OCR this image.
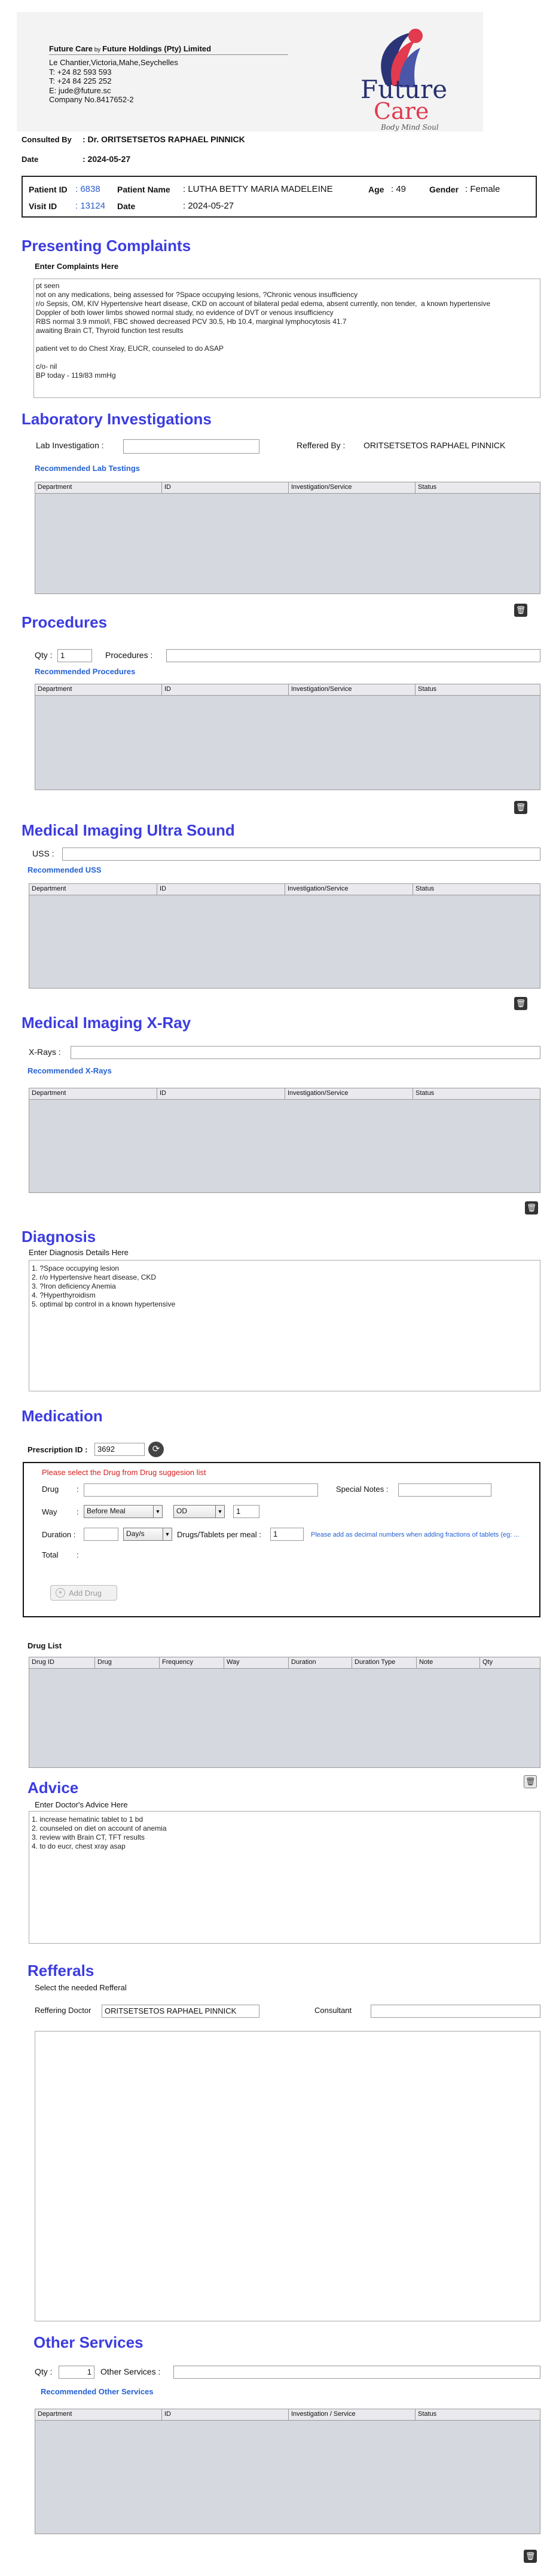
Future Care by Future Holdings (Pty) Limited
Le Chantier,Victoria,Mahe,Seychelles
T: +24 82 593 593
T: +24 84 225 252
E: jude@future.sc
Company No.8417652-2	Future
Care
Body Mind Soul
Consulted By : Dr. ORITSETSETOS RAPHAEL PINNICK
Date	: 2024-05-27
Patient ID : 6838 Patient Name : LUTHA BETTY MARIA MADELEINE	Age : 49	Gender : Female
Visit ID : 13124 Date	: 2024-05-27
Presenting Complaints
Enter Complaints Here
pt seen
not on any medications, being assessed for ?Space occupying lesions, ?Chronic venous insufficiency
r/o Sepsis, OM, KIV Hypertensive heart disease, CKD on account of bilateral pedal edema, absent currently, non tender,  a known hypertensive
Doppler of both lower limbs showed normal study, no evidence of DVT or venous insufficiency
RBS normal 3.9 mmol/l, FBC showed decreased PCV 30.5, Hb 10.4, marginal lymphocytosis 41.7
awaiting Brain CT, Thyroid function test results

patient vet to do Chest Xray, EUCR, counseled to do ASAP

c/o- nil
BP today - 119/83 mmHg
Laboratory Investigations
Lab Investigation :	Reffered By : ORITSETSETOS RAPHAEL PINNICK
Recommended Lab Testings
Department	ID	Investigation/Service	Status
🗑
Procedures
Qty :	1	Procedures :
Recommended Procedures
Department	ID	Investigation/Service	Status
🗑
Medical Imaging Ultra Sound
USS :
Recommended USS
Department	ID	Investigation/Service	Status
🗑
Medical Imaging X-Ray
X-Rays :
Recommended X-Rays
Department	ID	Investigation/Service	Status
🗑
Diagnosis
Enter Diagnosis Details Here
1. ?Space occupying lesion
2. r/o Hypertensive heart disease, CKD
3. ?Iron deficiency Anemia
4. ?Hyperthyroidism
5. optimal bp control in a known hypertensive
Medication
Prescription ID :	3692	⟳
Please select the Drug from Drug suggesion list
Drug :	Special Notes :
Way :	Before Meal	▼	OD	▼	1
Duration :	Day/s	▼ Drugs/Tablets per meal :	1	Please add as decimal numbers when adding fractions of tablets (eg: ...
Total :
+ Add Drug
Drug List
Drug ID	Drug	Frequency	Way	Duration	Duration Type	Note	Qty
Advice	🗑
Enter Doctor's Advice Here
1. increase hematinic tablet to 1 bd
2. counseled on diet on account of anemia
3. review with Brain CT, TFT results
4. to do eucr, chest xray asap
Refferals
Select the needed Refferal
Reffering Doctor	ORITSETSETOS RAPHAEL PINNICK	Consultant
Other Services
Qty :	1	Other Services :
Recommended Other Services
Department	ID	Investigation / Service	Status
🗑
